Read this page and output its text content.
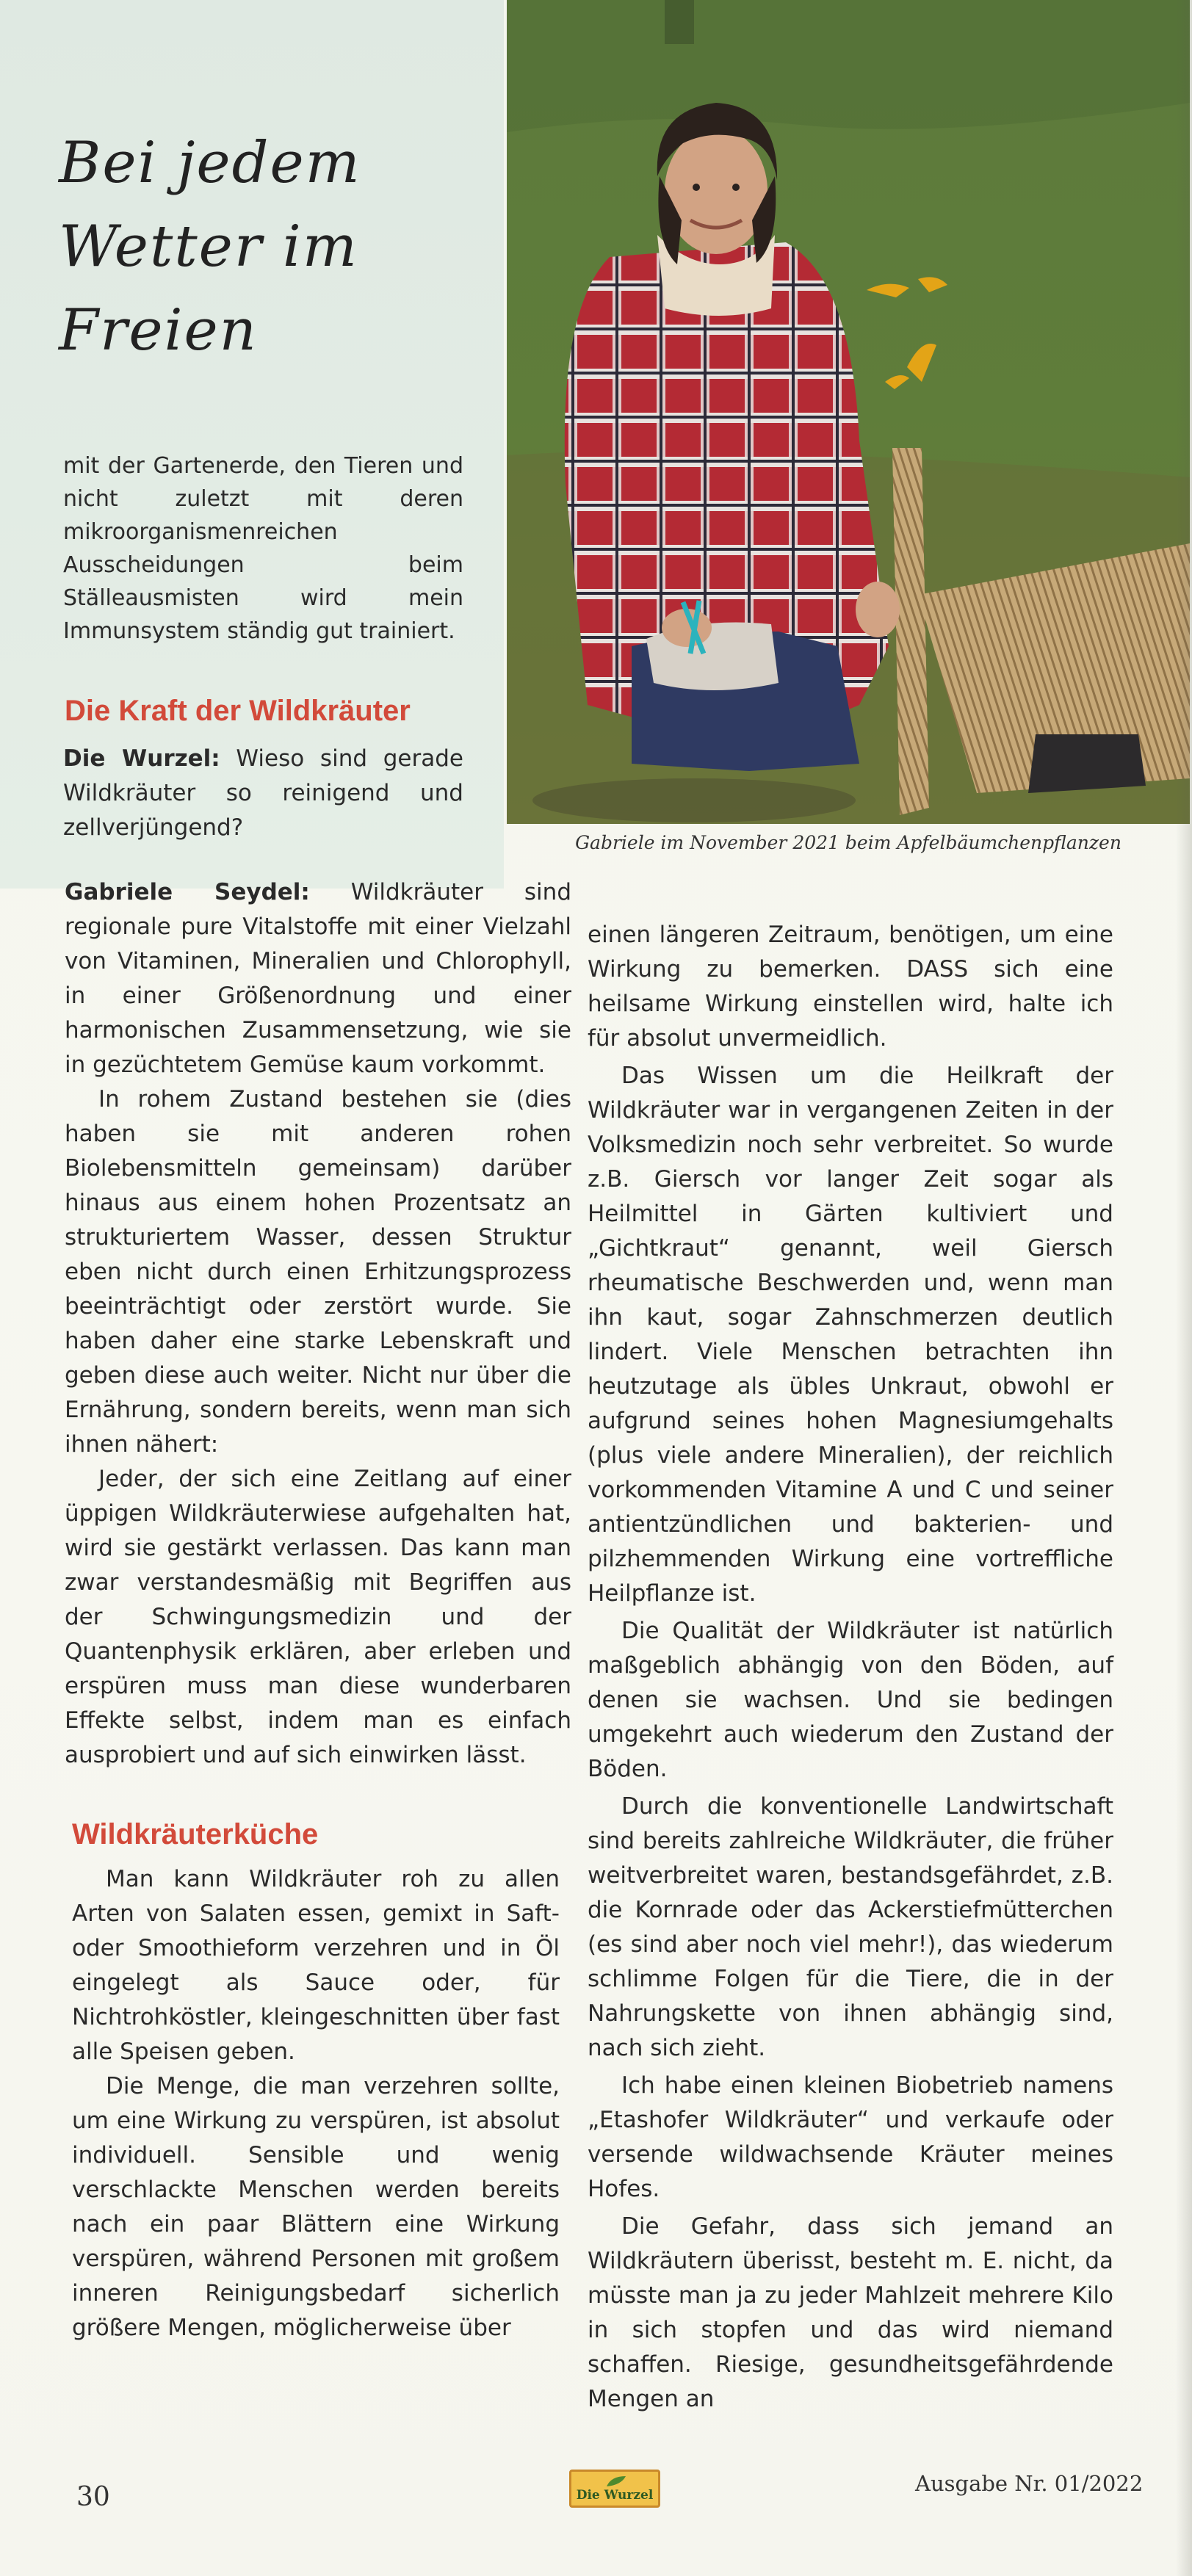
Bei jedem
Wetter im
Freien
Gabriele im November 2021 beim Apfelbäumchenpflanzen

mit der Gartenerde, den Tieren und nicht zuletzt mit deren mikroorganismenreichen Ausscheidungen beim Ställeausmisten wird mein Immunsystem ständig gut trainiert.

Die Kraft der Wildkräuter

Die Wurzel: Wieso sind gerade Wildkräuter so reinigend und zellverjüngend?

Gabriele Seydel: Wildkräuter sind regionale pure Vitalstoffe mit einer Vielzahl von Vitaminen, Mineralien und Chlorophyll, in einer Größenordnung und einer harmonischen Zusammensetzung, wie sie in gezüchtetem Gemüse kaum vorkommt.

In rohem Zustand bestehen sie (dies haben sie mit anderen rohen Biolebensmitteln gemeinsam) darüber hinaus aus einem hohen Prozentsatz an strukturiertem Wasser, dessen Struktur eben nicht durch einen Erhitzungsprozess beeinträchtigt oder zerstört wurde. Sie haben daher eine starke Lebenskraft und geben diese auch weiter. Nicht nur über die Ernährung, sondern bereits, wenn man sich ihnen nähert:

Jeder, der sich eine Zeitlang auf einer üppigen Wildkräuterwiese aufgehalten hat, wird sie gestärkt verlassen. Das kann man zwar verstandesmäßig mit Begriffen aus der Schwingungsmedizin und der Quantenphysik erklären, aber erleben und erspüren muss man diese wunderbaren Effekte selbst, indem man es einfach ausprobiert und auf sich einwirken lässt.

Wildkräuterküche

Man kann Wildkräuter roh zu allen Arten von Salaten essen, gemixt in Saft- oder Smoothieform verzehren und in Öl eingelegt als Sauce oder, für Nichtrohköstler, kleingeschnitten über fast alle Speisen geben.

Die Menge, die man verzehren sollte, um eine Wirkung zu verspüren, ist absolut individuell. Sensible und wenig verschlackte Menschen werden bereits nach ein paar Blättern eine Wirkung verspüren, während Personen mit großem inneren Reinigungsbedarf sicherlich größere Mengen, möglicherweise über

einen längeren Zeitraum, benötigen, um eine Wirkung zu bemerken. DASS sich eine heilsame Wirkung einstellen wird, halte ich für absolut unvermeidlich.

Das Wissen um die Heilkraft der Wildkräuter war in vergangenen Zeiten in der Volksmedizin noch sehr verbreitet. So wurde z.B. Giersch vor langer Zeit sogar als Heilmittel in Gärten kultiviert und „Gichtkraut“ genannt, weil Giersch rheumatische Beschwerden und, wenn man ihn kaut, sogar Zahnschmerzen deutlich lindert. Viele Menschen betrachten ihn heutzutage als übles Unkraut, obwohl er aufgrund seines hohen Magnesiumgehalts (plus viele andere Mineralien), der reichlich vorkommenden Vitamine A und C und seiner antientzündlichen und bakterien- und pilzhemmenden Wirkung eine vortreffliche Heilpflanze ist.

Die Qualität der Wildkräuter ist natürlich maßgeblich abhängig von den Böden, auf denen sie wachsen. Und sie bedingen umgekehrt auch wiederum den Zustand der Böden.

Durch die konventionelle Landwirtschaft sind bereits zahlreiche Wildkräuter, die früher weitverbreitet waren, bestandsgefährdet, z.B. die Kornrade oder das Ackerstiefmütterchen (es sind aber noch viel mehr!), das wiederum schlimme Folgen für die Tiere, die in der Nahrungskette von ihnen abhängig sind, nach sich zieht.

Ich habe einen kleinen Biobetrieb namens „Etashofer Wildkräuter“ und verkaufe oder versende wildwachsende Kräuter meines Hofes.

Die Gefahr, dass sich jemand an Wildkräutern überisst, besteht m. E. nicht, da müsste man ja zu jeder Mahlzeit mehrere Kilo in sich stopfen und das wird niemand schaffen. Riesige, gesundheitsgefährdende Mengen an

30	Die Wurzel	Ausgabe Nr. 01/2022
